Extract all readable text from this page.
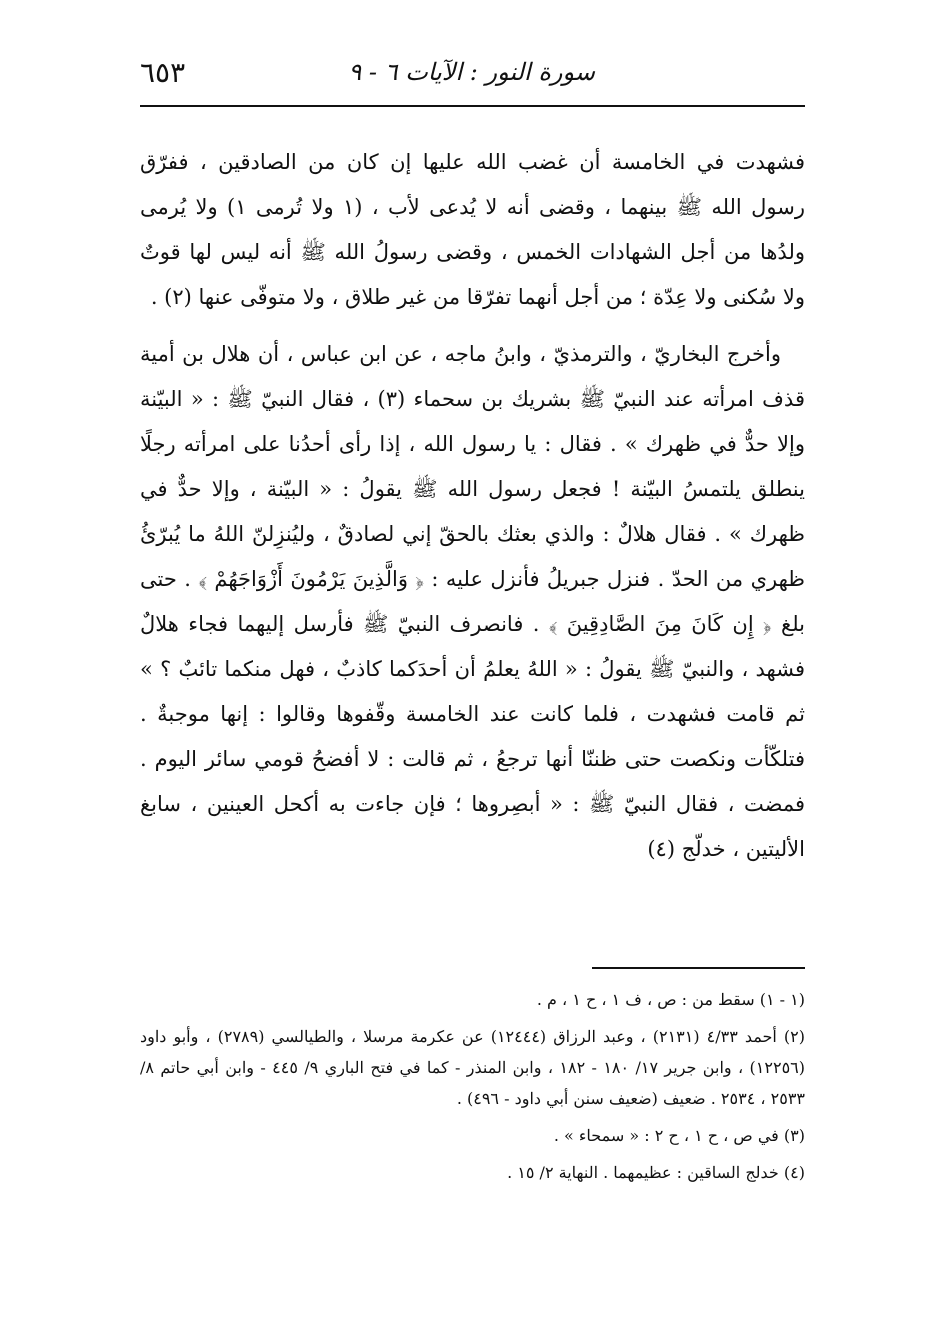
سورة النور : الآيات ٦ - ٩
٦٥٣

فشهدت في الخامسة أن غضب الله عليها إن كان من الصادقين ، ففرّق رسول الله ﷺ بينهما ، وقضى أنه لا يُدعى لأب ، (١ ولا تُرمى ١) ولا يُرمى ولدُها من أجل الشهادات الخمس ، وقضى رسولُ الله ﷺ أنه ليس لها قوتٌ ولا سُكنى ولا عِدّة ؛ من أجل أنهما تفرّقا من غير طلاق ، ولا متوفّى عنها (٢) .

وأخرج البخاريّ ، والترمذيّ ، وابنُ ماجه ، عن ابن عباس ، أن هلال بن أمية قذف امرأته عند النبيّ ﷺ بشريك بن سحماء (٣) ، فقال النبيّ ﷺ : « البيّنة وإلا حدٌّ في ظهرك » . فقال : يا رسول الله ، إذا رأى أحدُنا على امرأته رجلًا ينطلق يلتمسُ البيّنة ! فجعل رسول الله ﷺ يقولُ : « البيّنة ، وإلا حدٌّ في ظهرك » . فقال هلالٌ : والذي بعثك بالحقّ إني لصادقٌ ، وليُنزِلنّ اللهُ ما يُبرّئُ ظهري من الحدّ . فنزل جبريلُ فأنزل عليه : ﴿ وَالَّذِينَ يَرْمُونَ أَزْوَاجَهُمْ ﴾ . حتى بلغ ﴿ إِن كَانَ مِنَ الصَّادِقِينَ ﴾ . فانصرف النبيّ ﷺ فأرسل إليهما فجاء هلالٌ فشهد ، والنبيّ ﷺ يقولُ : « اللهُ يعلمُ أن أحدَكما كاذبٌ ، فهل منكما تائبٌ ؟ » ثم قامت فشهدت ، فلما كانت عند الخامسة وقّفوها وقالوا : إنها موجبةٌ . فتلكّأت ونكصت حتى ظننّا أنها ترجعُ ، ثم قالت : لا أفضحُ قومي سائر اليوم . فمضت ، فقال النبيّ ﷺ : « أبصِروها ؛ فإن جاءت به أكحل العينين ، سابغ الأليتين ، خدلّج (٤)

(١ - ١) سقط من : ص ، ف ١ ، ح ١ ، م .

(٢) أحمد ٤/٣٣ (٢١٣١) ، وعبد الرزاق (١٢٤٤٤) عن عكرمة مرسلا ، والطيالسي (٢٧٨٩) ، وأبو داود (١٢٢٥٦) ، وابن جرير ١٧/ ١٨٠ - ١٨٢ ، وابن المنذر - كما في فتح الباري ٩/ ٤٤٥ - وابن أبي حاتم ٨/ ٢٥٣٣ ، ٢٥٣٤ . ضعيف (ضعيف سنن أبي داود - ٤٩٦) .

(٣) في ص ، ح ١ ، ح ٢ : « سمحاء » .

(٤) خدلج الساقين : عظيمهما . النهاية ٢/ ١٥ .
